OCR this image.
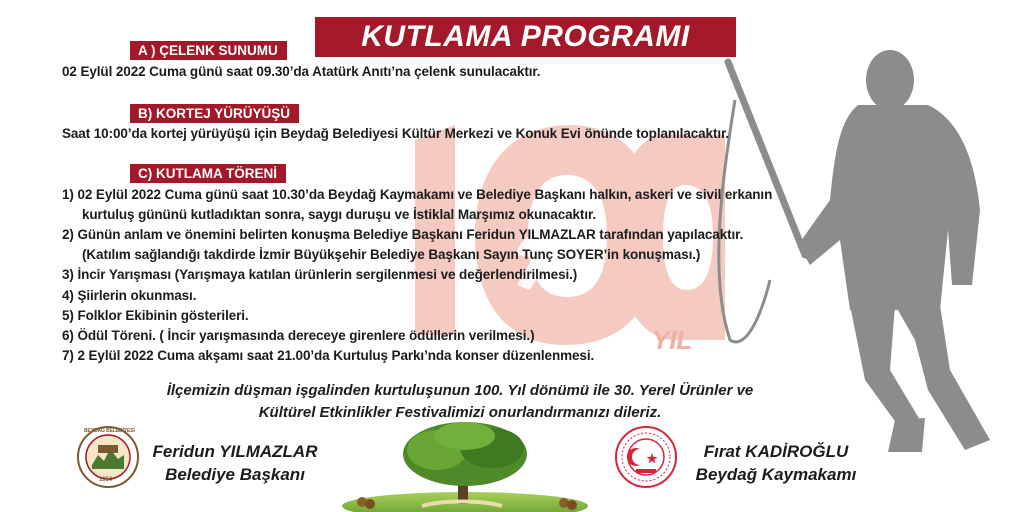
YIL
KUTLAMA PROGRAMI
A ) ÇELENK SUNUMU
02 Eylül 2022 Cuma günü saat 09.30’da Atatürk Anıtı’na çelenk sunulacaktır.
B) KORTEJ YÜRÜYÜŞÜ
Saat 10:00’da kortej yürüyüşü için Beydağ Belediyesi Kültür Merkezi ve Konuk Evi önünde toplanılacaktır.
C) KUTLAMA TÖRENİ
1) 02 Eylül 2022 Cuma günü saat 10.30’da Beydağ Kaymakamı ve Belediye Başkanı halkın, askeri ve sivil erkanın
kurtuluş gününü kutladıktan sonra, saygı duruşu ve İstiklal Marşımız okunacaktır.
2) Günün anlam ve önemini belirten konuşma Belediye Başkanı Feridun YILMAZLAR tarafından yapılacaktır.
(Katılım sağlandığı takdirde İzmir Büyükşehir Belediye Başkanı Sayın Tunç SOYER’in konuşması.)
3) İncir Yarışması (Yarışmaya katılan ürünlerin sergilenmesi ve değerlendirilmesi.)
4) Şiirlerin okunması.
5) Folklor Ekibinin gösterileri.
6) Ödül Töreni. ( İncir yarışmasında dereceye girenlere ödüllerin verilmesi.)
7) 2 Eylül 2022 Cuma akşamı saat 21.00’da Kurtuluş Parkı’nda konser düzenlenmesi.
İlçemizin düşman işgalinden kurtuluşunun 100. Yıl dönümü ile 30. Yerel Ürünler ve
Kültürel Etkinlikler Festivalimizi onurlandırmanızı dileriz.
BEYDAĞ BELEDİYESİ
1954
Feridun YILMAZLAR
Belediye Başkanı
Fırat KADİROĞLU
Beydağ Kaymakamı
